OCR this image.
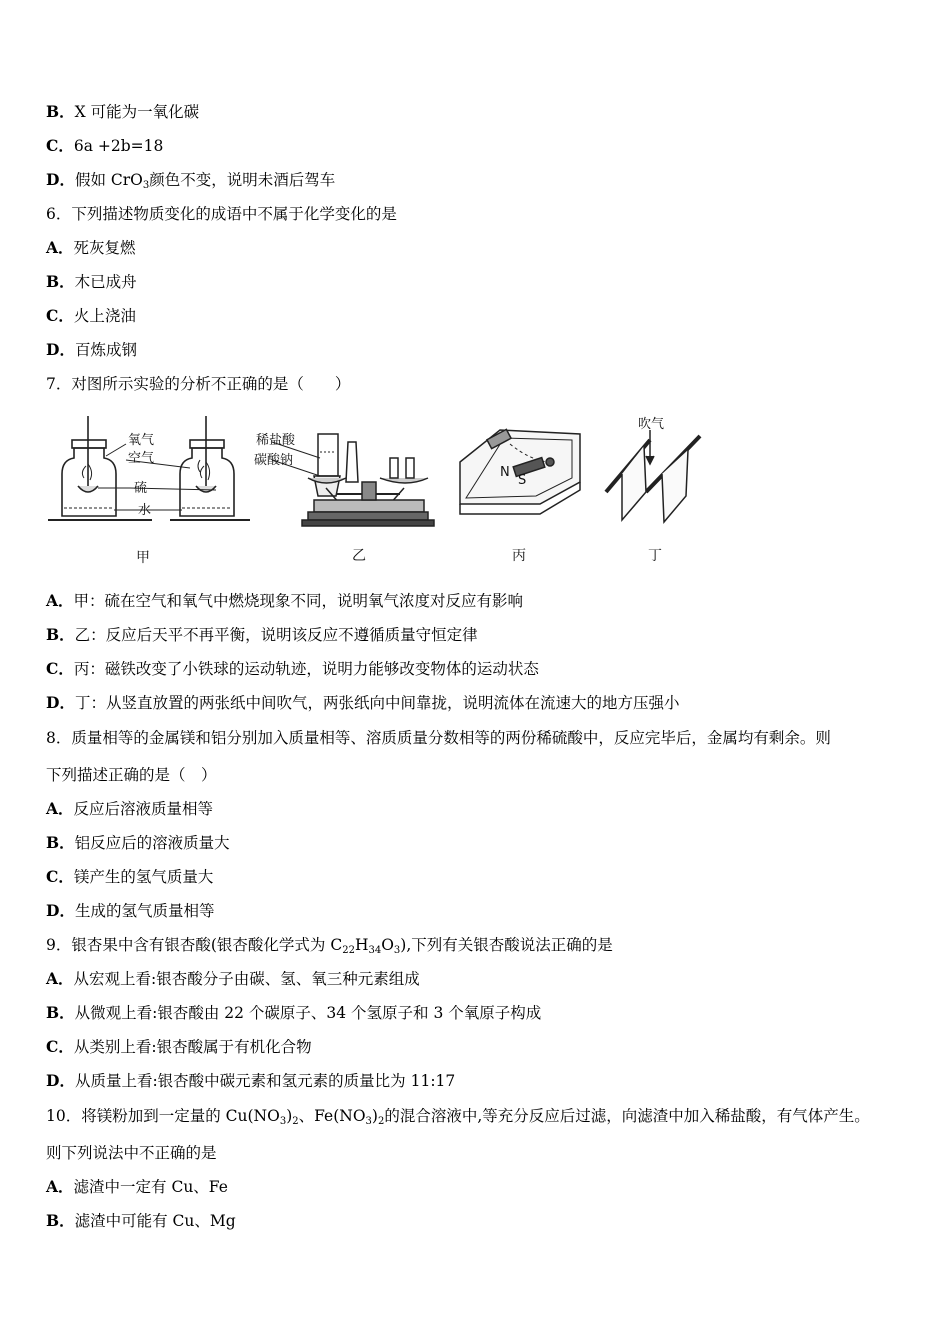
B．X 可能为一氧化碳
C．6a +2b=18
D．假如 CrO$_3$颜色不变，说明未酒后驾车
6．下列描述物质变化的成语中不属于化学变化的是
A．死灰复燃
B．木已成舟
C．火上浇油
D．百炼成钢
7．对图所示实验的分析不正确的是（　　）
氧气
空气
硫
水
稀盐酸
碳酸钠
N
S
吹气
甲	乙	丙	丁
A．甲：硫在空气和氧气中燃烧现象不同，说明氧气浓度对反应有影响
B．乙：反应后天平不再平衡，说明该反应不遵循质量守恒定律
C．丙：磁铁改变了小铁球的运动轨迹，说明力能够改变物体的运动状态
D．丁：从竖直放置的两张纸中间吹气，两张纸向中间靠拢，说明流体在流速大的地方压强小
8．质量相等的金属镁和铝分别加入质量相等、溶质质量分数相等的两份稀硫酸中，反应完毕后，金属均有剩余。则
下列描述正确的是（　）
A．反应后溶液质量相等
B．铝反应后的溶液质量大
C．镁产生的氢气质量大
D．生成的氢气质量相等
9．银杏果中含有银杏酸(银杏酸化学式为 $C_{22}H_{34}O_3$),下列有关银杏酸说法正确的是
A．从宏观上看:银杏酸分子由碳、氢、氧三种元素组成
B．从微观上看:银杏酸由 22 个碳原子、34 个氢原子和 3 个氧原子构成
C．从类别上看:银杏酸属于有机化合物
D．从质量上看:银杏酸中碳元素和氢元素的质量比为 11:17
10．将镁粉加到一定量的 $Cu(NO_3)_2$、$Fe(NO_3)_2$的混合溶液中,等充分反应后过滤，向滤渣中加入稀盐酸，有气体产生。
则下列说法中不正确的是
A．滤渣中一定有 Cu、Fe
B．滤渣中可能有 Cu、Mg
